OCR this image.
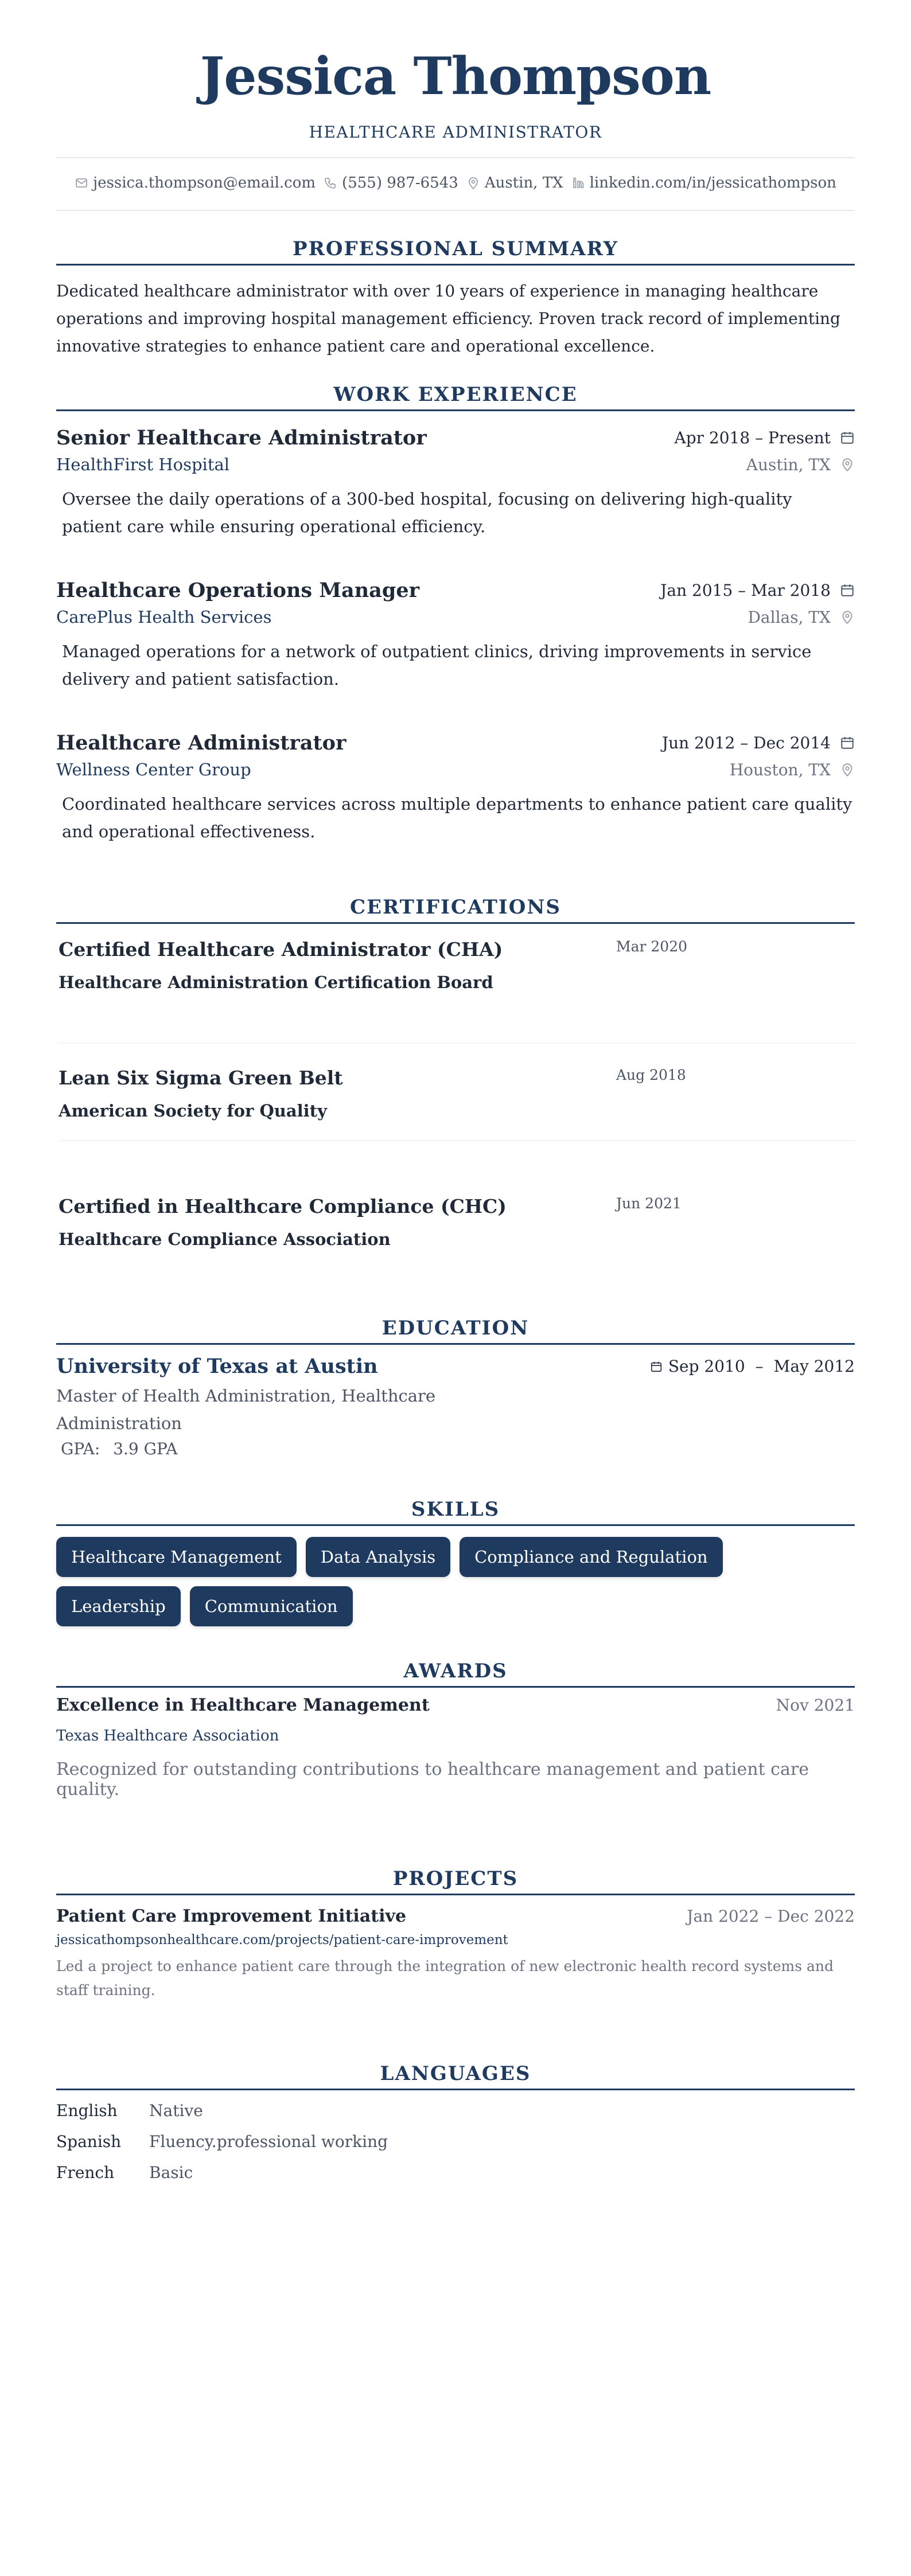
Jessica Thompson
HEALTHCARE ADMINISTRATOR
jessica.thompson@email.com (555) 987-6543 Austin, TX linkedin.com/in/jessicathompson
PROFESSIONAL SUMMARY

Dedicated healthcare administrator with over 10 years of experience in managing healthcare operations and improving hospital management efficiency. Proven track record of implementing innovative strategies to enhance patient care and operational excellence.

WORK EXPERIENCE
Senior Healthcare Administrator	Apr 2018 – Present
HealthFirst Hospital	Austin, TX

Oversee the daily operations of a 300-bed hospital, focusing on delivering high-quality patient care while ensuring operational efficiency.

Healthcare Operations Manager	Jan 2015 – Mar 2018
CarePlus Health Services	Dallas, TX

Managed operations for a network of outpatient clinics, driving improvements in service delivery and patient satisfaction.

Healthcare Administrator	Jun 2012 – Dec 2014
Wellness Center Group	Houston, TX

Coordinated healthcare services across multiple departments to enhance patient care quality and operational effectiveness.

CERTIFICATIONS
Certified Healthcare Administrator (CHA)	Mar 2020
Healthcare Administration Certification Board
Lean Six Sigma Green Belt	Aug 2018
American Society for Quality
Certified in Healthcare Compliance (CHC)	Jun 2021
Healthcare Compliance Association
EDUCATION
University of Texas at Austin	Sep 2010 – May 2012
Master of Health Administration, Healthcare Administration
GPA: 3.9 GPA
SKILLS
Healthcare Management	Data Analysis	Compliance and Regulation
Leadership	Communication
AWARDS
Excellence in Healthcare Management	Nov 2021
Texas Healthcare Association
Recognized for outstanding contributions to healthcare management and patient care quality.
PROJECTS
Patient Care Improvement Initiative	Jan 2022 – Dec 2022
jessicathompsonhealthcare.com/projects/patient-care-improvement
Led a project to enhance patient care through the integration of new electronic health record systems and staff training.
LANGUAGES
English	Native
Spanish	Fluency.professional working
French	Basic
